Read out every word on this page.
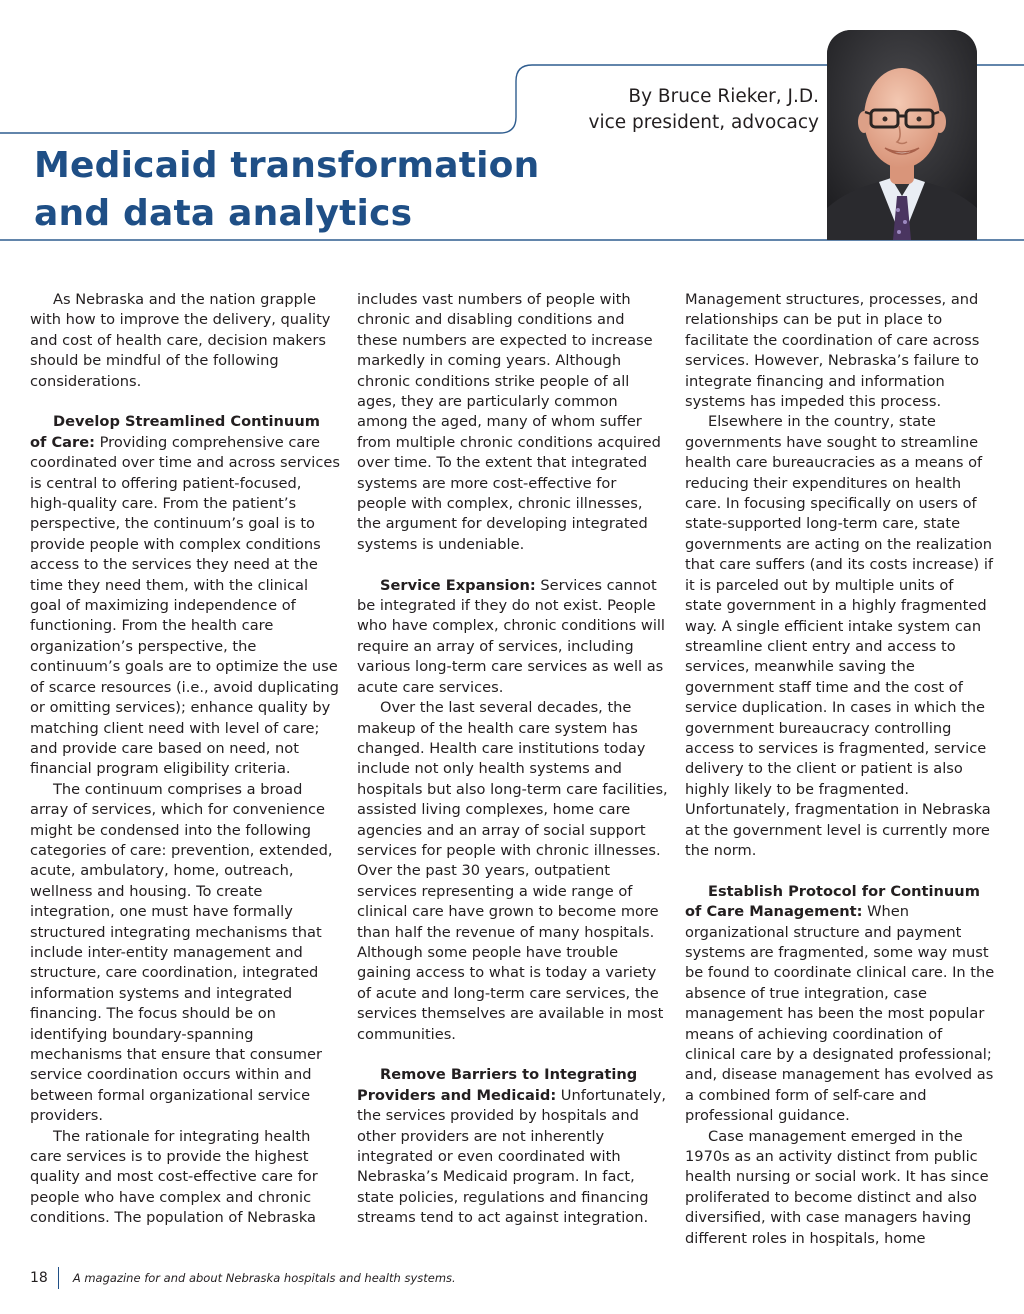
By Bruce Rieker, J.D.
vice president, advocacy
Medicaid transformation
and data analytics

As Nebraska and the nation grapple with how to improve the delivery, quality and cost of health care, decision makers should be mindful of the following considerations.

Develop Streamlined Continuum of Care: Providing comprehensive care coordinated over time and across services is central to offering patient-focused, high-quality care. From the patient’s perspective, the continuum’s goal is to provide people with complex conditions access to the services they need at the time they need them, with the clinical goal of maximizing independence of functioning. From the health care organization’s perspective, the continuum’s goals are to optimize the use of scarce resources (i.e., avoid duplicating or omitting services); enhance quality by matching client need with level of care; and provide care based on need, not financial program eligibility criteria.

The continuum comprises a broad array of services, which for convenience might be condensed into the following categories of care: prevention, extended, acute, ambulatory, home, outreach, wellness and housing. To create integration, one must have formally structured integrating mechanisms that include inter-entity management and structure, care coordination, integrated information systems and integrated financing. The focus should be on identifying boundary-spanning mechanisms that ensure that consumer service coordination occurs within and between formal organizational service providers.

The rationale for integrating health care services is to provide the highest quality and most cost-effective care for people who have complex and chronic conditions. The population of Nebraska

includes vast numbers of people with chronic and disabling conditions and these numbers are expected to increase markedly in coming years. Although chronic conditions strike people of all ages, they are particularly common among the aged, many of whom suffer from multiple chronic conditions acquired over time. To the extent that integrated systems are more cost-effective for people with complex, chronic illnesses, the argument for developing integrated systems is undeniable.

Service Expansion: Services cannot be integrated if they do not exist. People who have complex, chronic conditions will require an array of services, including various long-term care services as well as acute care services.

Over the last several decades, the makeup of the health care system has changed. Health care institutions today include not only health systems and hospitals but also long-term care facilities, assisted living complexes, home care agencies and an array of social support services for people with chronic illnesses. Over the past 30 years, outpatient services representing a wide range of clinical care have grown to become more than half the revenue of many hospitals. Although some people have trouble gaining access to what is today a variety of acute and long-term care services, the services themselves are available in most communities.

Remove Barriers to Integrating Providers and Medicaid: Unfortunately, the services provided by hospitals and other providers are not inherently integrated or even coordinated with Nebraska’s Medicaid program. In fact, state policies, regulations and financing streams tend to act against integration.

Management structures, processes, and relationships can be put in place to facilitate the coordination of care across services. However, Nebraska’s failure to integrate financing and information systems has impeded this process.

Elsewhere in the country, state governments have sought to streamline health care bureaucracies as a means of reducing their expenditures on health care. In focusing specifically on users of state-supported long-term care, state governments are acting on the realization that care suffers (and its costs increase) if it is parceled out by multiple units of state government in a highly fragmented way. A single efficient intake system can streamline client entry and access to services, meanwhile saving the government staff time and the cost of service duplication. In cases in which the government bureaucracy controlling access to services is fragmented, service delivery to the client or patient is also highly likely to be fragmented. Unfortunately, fragmentation in Nebraska at the government level is currently more the norm.

Establish Protocol for Continuum of Care Management: When organizational structure and payment systems are fragmented, some way must be found to coordinate clinical care. In the absence of true integration, case management has been the most popular means of achieving coordination of clinical care by a designated professional; and, disease management has evolved as a combined form of self-care and professional guidance.

Case management emerged in the 1970s as an activity distinct from public health nursing or social work. It has since proliferated to become distinct and also diversified, with case managers having different roles in hospitals, home

18 A magazine for and about Nebraska hospitals and health systems.
